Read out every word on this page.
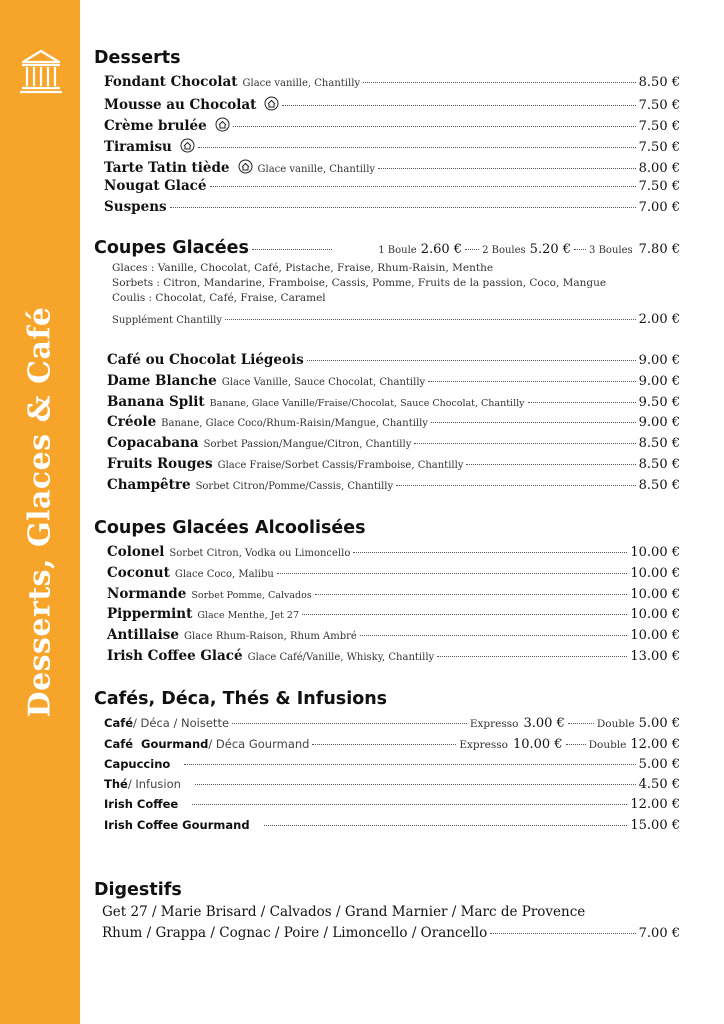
Desserts, Glaces & Café
Desserts
Fondant Chocolat Glace vanille, Chantilly	8.50 €
Mousse au Chocolat	7.50 €
Crème brulée	7.50 €
Tiramisu	7.50 €
Tarte Tatin tiède	Glace vanille, Chantilly	8.00 €
Nougat Glacé	7.50 €
Suspens	7.00 €
Coupes Glacées	1 Boule 2.60 € 2 Boules 5.20 € 3 Boules 7.80 €
Glaces : Vanille, Chocolat, Café, Pistache, Fraise, Rhum-Raisin, Menthe
Sorbets : Citron, Mandarine, Framboise, Cassis, Pomme, Fruits de la passion, Coco, Mangue
Coulis : Chocolat, Café, Fraise, Caramel
Supplément Chantilly	2.00 €
Café ou Chocolat Liégeois	9.00 €
Dame Blanche Glace Vanille, Sauce Chocolat, Chantilly	9.00 €
Banana Split Banane, Glace Vanille/Fraise/Chocolat, Sauce Chocolat, Chantilly	9.50 €
Créole Banane, Glace Coco/Rhum-Raisin/Mangue, Chantilly	9.00 €
Copacabana Sorbet Passion/Mangue/Citron, Chantilly	8.50 €
Fruits Rouges Glace Fraise/Sorbet Cassis/Framboise, Chantilly	8.50 €
Champêtre Sorbet Citron/Pomme/Cassis, Chantilly	8.50 €
Coupes Glacées Alcoolisées
Colonel Sorbet Citron, Vodka ou Limoncello	10.00 €
Coconut Glace Coco, Malibu	10.00 €
Normande Sorbet Pomme, Calvados	10.00 €
Pippermint Glace Menthe, Jet 27	10.00 €
Antillaise Glace Rhum-Raison, Rhum Ambré	10.00 €
Irish Coffee Glacé Glace Café/Vanille, Whisky, Chantilly	13.00 €
Cafés, Déca, Thés & Infusions
Café / Déca / Noisette	Expresso 3.00 €	Double 5.00 €
Café  Gourmand / Déca Gourmand	Expresso 10.00 € Double 12.00 €
Capuccino	5.00 €
Thé / Infusion	4.50 €
Irish Coffee	12.00 €
Irish Coffee Gourmand	15.00 €
Digestifs
Get 27 / Marie Brisard / Calvados / Grand Marnier / Marc de Provence
Rhum / Grappa / Cognac / Poire / Limoncello / Orancello	7.00 €
